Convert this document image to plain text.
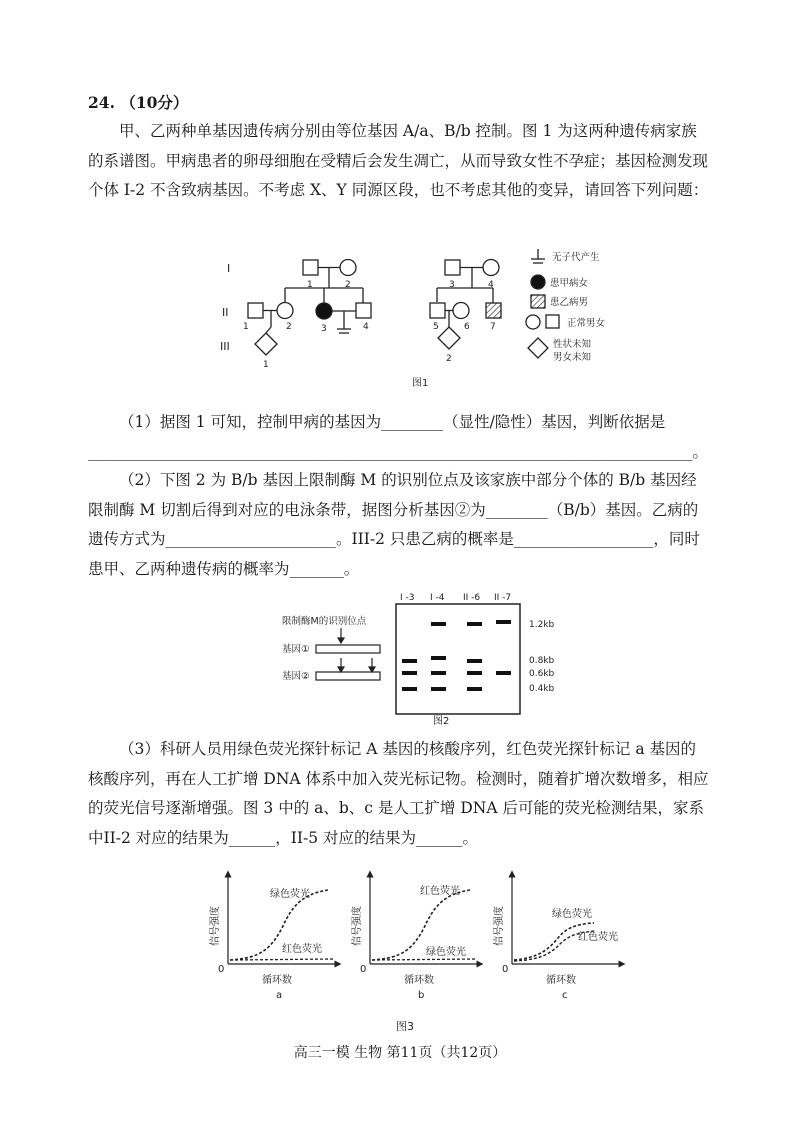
24. （10分）

甲、乙两种单基因遗传病分别由等位基因 A/a、B/b 控制。图 1 为这两种遗传病家族的系谱图。甲病患者的卵母细胞在受精后会发生凋亡，从而导致女性不孕症；基因检测发现个体 I-2 不含致病基因。不考虑 X、Y 同源区段，也不考虑其他的变异，请回答下列问题：

（1）据图 1 可知，控制甲病的基因为________（显性/隐性）基因，判断依据是______________________________________________________________________________。

（2）下图 2 为 B/b 基因上限制酶 M 的识别位点及该家族中部分个体的 B/b 基因经限制酶 M 切割后得到对应的电泳条带，据图分析基因②为________（B/b）基因。乙病的遗传方式为______________________。III-2 只患乙病的概率是__________________，同时患甲、乙两种遗传病的概率为_______。

（3）科研人员用绿色荧光探针标记 A 基因的核酸序列，红色荧光探针标记 a 基因的核酸序列，再在人工扩增 DNA 体系中加入荧光标记物。检测时，随着扩增次数增多，相应的荧光信号逐渐增强。图 3 中的 a、b、c 是人工扩增 DNA 后可能的荧光检测结果，家系中II-2 对应的结果为______，II-5 对应的结果为______。

I
II
III
1	2	3	4
1	2	3	4	5	6 7
1
2
无子代产生
患甲病女
患乙病男
正常男女
性状未知
男女未知
图1
限制酶M的识别位点
基因①
基因②
I -3 I -4 II -6 II -7
1.2kb
0.8kb
0.6kb
0.4kb
图2
0
循环数
a
绿色荧光
红色荧光
信号强度
0
循环数
b
红色荧光
绿色荧光
信号强度
0
循环数
c
绿色荧光
红色荧光
信号强度
图3
高三一模 生物 第11页（共12页）
